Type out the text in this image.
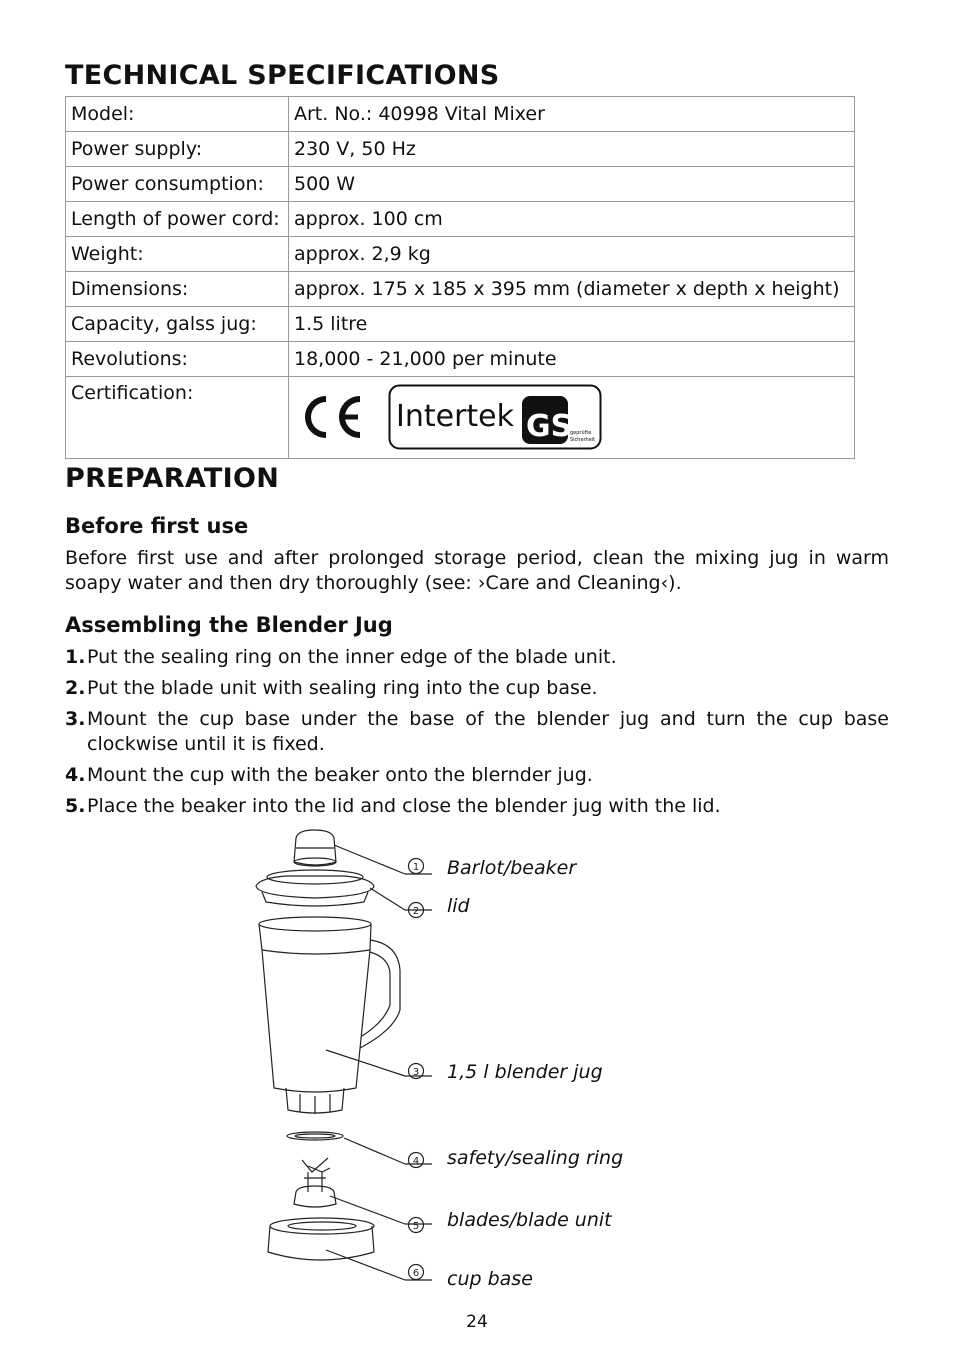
TECHNICAL SPECIFICATIONS
Model:	Art. No.: 40998 Vital Mixer
Power supply:	230 V, 50 Hz
Power consumption:	500 W
Length of power cord:	approx. 100 cm
Weight:	approx. 2,9 kg
Dimensions:	approx. 175 x 185 x 395 mm (diameter x depth x height)
Capacity, galss jug:	1.5 litre
Revolutions:	18,000 - 21,000 per minute
Certification:	Intertek GS
geprüfte
Sicherheit
PREPARATION
Before first use

Before first use and after prolonged storage period, clean the mixing jug in warm soapy water and then dry thoroughly (see: ›Care and Cleaning‹).

Assembling the Blender Jug
1. Put the sealing ring on the inner edge of the blade unit.
2. Put the blade unit with sealing ring into the cup base.
3. Mount the cup base under the base of the blender jug and turn the cup base clockwise until it is fixed.
4. Mount the cup with the beaker onto the blernder jug.
5. Place the beaker into the lid and close the blender jug with the lid.
1
2
3
4
5
6
Barlot/beaker
lid
1,5 l blender jug
safety/sealing ring
blades/blade unit
cup base
24
